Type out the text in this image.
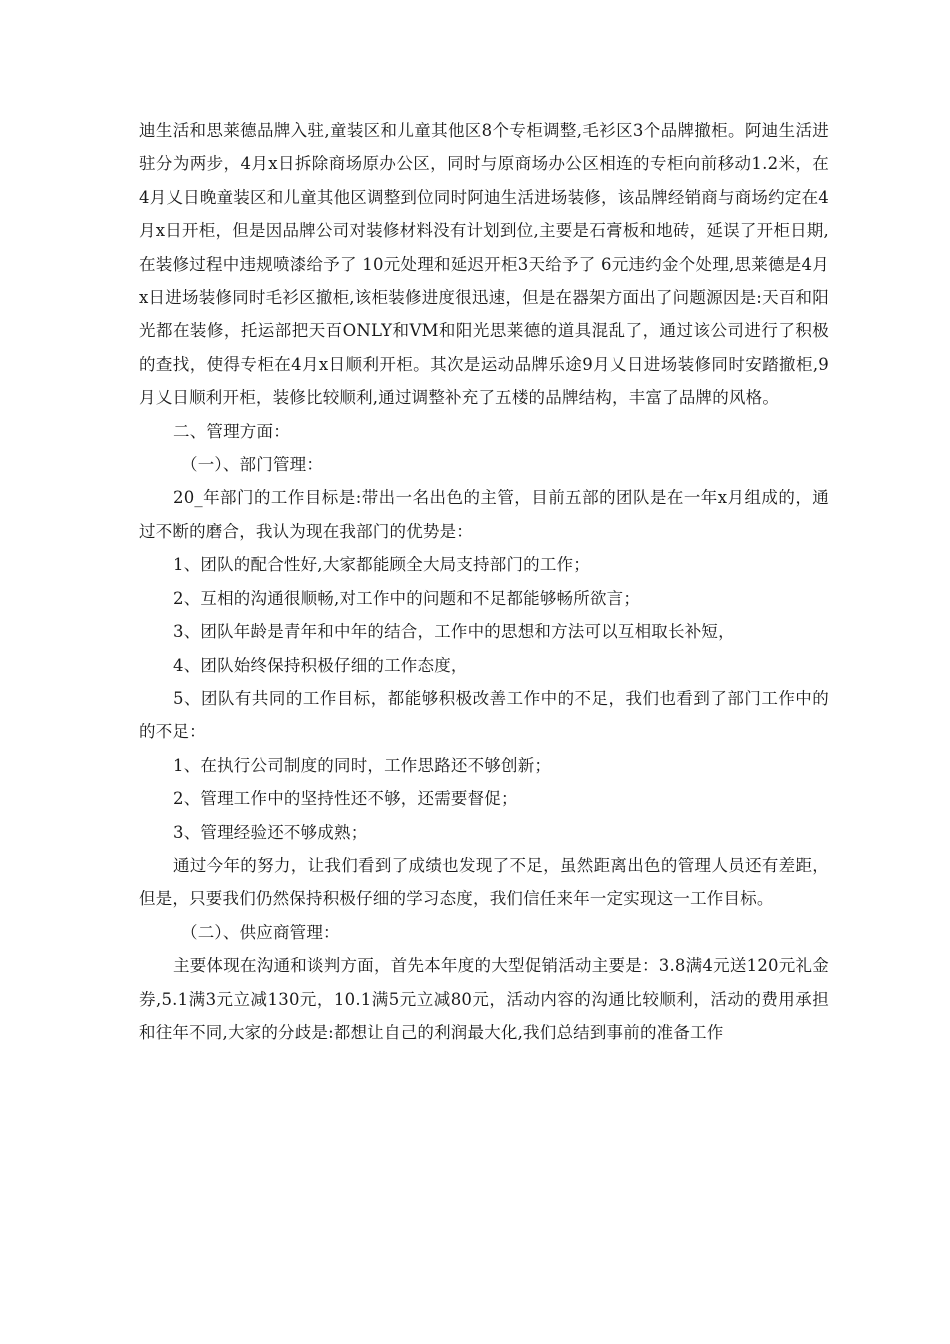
迪生活和思莱德品牌入驻,童装区和儿童其他区8个专柜调整,毛衫区3个品牌撤柜。阿迪生活进驻分为两步，4月x日拆除商场原办公区，同时与原商场办公区相连的专柜向前移动1.2米，在4月乂日晚童装区和儿童其他区调整到位同时阿迪生活进场装修，该品牌经销商与商场约定在4月x日开柜，但是因品牌公司对装修材料没有计划到位,主要是石膏板和地砖，延误了开柜日期,在装修过程中违规喷漆给予了 10元处理和延迟开柜3天给予了 6元违约金个处理,思莱德是4月x日进场装修同时毛衫区撤柜,该柜装修进度很迅速，但是在器架方面出了问题源因是:天百和阳光都在装修，托运部把天百ONLY和VM和阳光思莱德的道具混乱了，通过该公司进行了积极的查找，使得专柜在4月x日顺利开柜。其次是运动品牌乐途9月乂日进场装修同时安踏撤柜,9月乂日顺利开柜，装修比较顺利,通过调整补充了五楼的品牌结构，丰富了品牌的风格。

二、管理方面：

（一）、部门管理：

20_年部门的工作目标是:带出一名出色的主管，目前五部的团队是在一年x月组成的，通过不断的磨合，我认为现在我部门的优势是：

1、团队的配合性好,大家都能顾全大局支持部门的工作；

2、互相的沟通很顺畅,对工作中的问题和不足都能够畅所欲言；

3、团队年龄是青年和中年的结合，工作中的思想和方法可以互相取长补短，

4、团队始终保持积极仔细的工作态度，

5、团队有共同的工作目标，都能够积极改善工作中的不足，我们也看到了部门工作中的的不足：

1、在执行公司制度的同时，工作思路还不够创新；

2、管理工作中的坚持性还不够，还需要督促；

3、管理经验还不够成熟；

通过今年的努力，让我们看到了成绩也发现了不足，虽然距离出色的管理人员还有差距，但是，只要我们仍然保持积极仔细的学习态度，我们信任来年一定实现这一工作目标。

（二）、供应商管理：

主要体现在沟通和谈判方面，首先本年度的大型促销活动主要是：3.8满4元送120元礼金券,5.1满3元立减130元，10.1满5元立减80元，活动内容的沟通比较顺利，活动的费用承担和往年不同,大家的分歧是:都想让自己的利润最大化,我们总结到事前的准备工作
